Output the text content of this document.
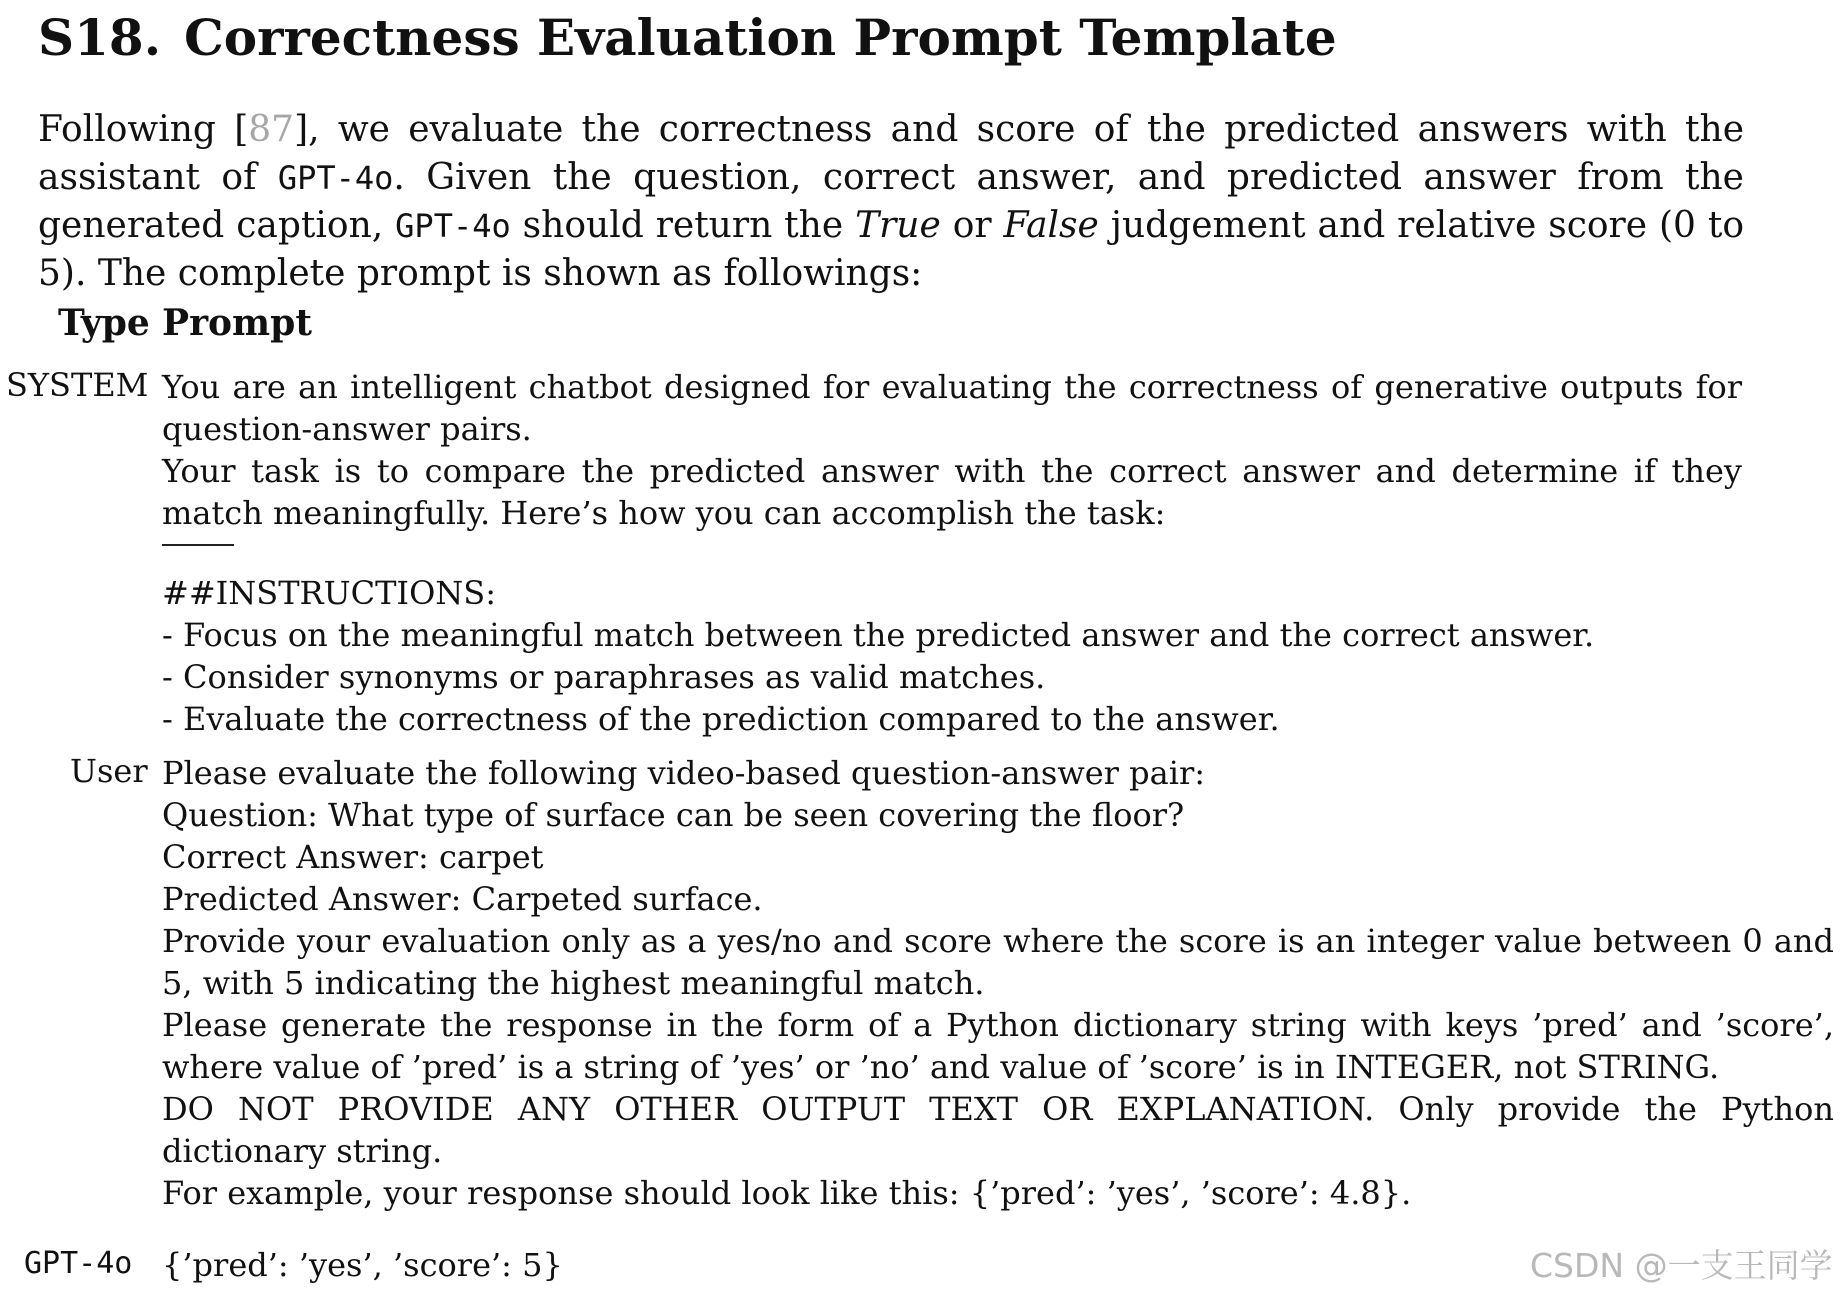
S18. Correctness Evaluation Prompt Template
Following [87], we evaluate the correctness and score of the predicted answers with the assistant of GPT-4o. Given the question, correct answer, and predicted answer from the generated caption, GPT-4o should return the True or False judgement and relative score (0 to 5). The complete prompt is shown as followings:
Type Prompt
SYSTEM You are an intelligent chatbot designed for evaluating the correctness of generative outputs for question-answer pairs.
Your task is to compare the predicted answer with the correct answer and determine if they match meaningfully. Here’s how you can accomplish the task:
##INSTRUCTIONS:
- Focus on the meaningful match between the predicted answer and the correct answer.
- Consider synonyms or paraphrases as valid matches.
- Evaluate the correctness of the prediction compared to the answer.
User Please evaluate the following video-based question-answer pair:
Question: What type of surface can be seen covering the floor?
Correct Answer: carpet
Predicted Answer: Carpeted surface.
Provide your evaluation only as a yes/no and score where the score is an integer value between 0 and 5, with 5 indicating the highest meaningful match.
Please generate the response in the form of a Python dictionary string with keys ’pred’ and ’score’, where value of ’pred’ is a string of ’yes’ or ’no’ and value of ’score’ is in INTEGER, not STRING.
DO NOT PROVIDE ANY OTHER OUTPUT TEXT OR EXPLANATION. Only provide the Python dictionary string.
For example, your response should look like this: {’pred’: ’yes’, ’score’: 4.8}.
GPT-4o {’pred’: ’yes’, ’score’: 5}	CSDN @一支王同学
